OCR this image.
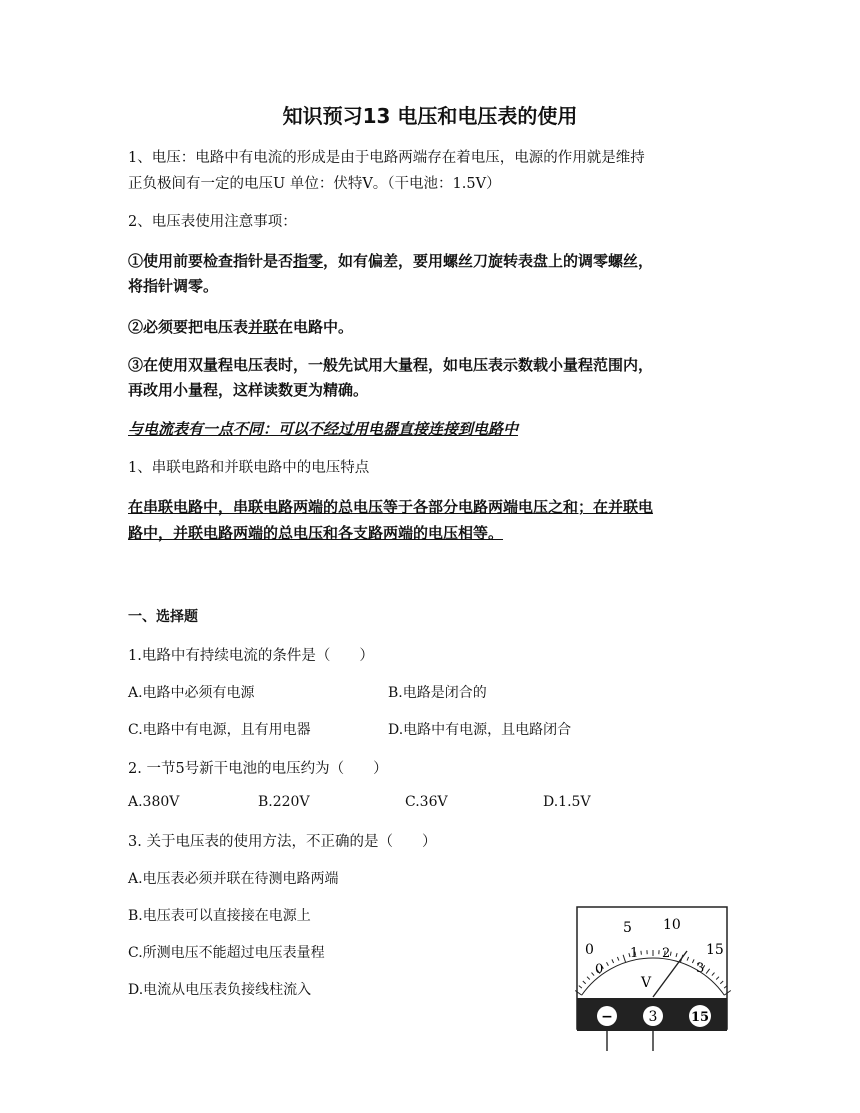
知识预习13 电压和电压表的使用
1、电压：电路中有电流的形成是由于电路两端存在着电压，电源的作用就是维持
正负极间有一定的电压U 单位：伏特V。（干电池：1.5V）
2、电压表使用注意事项：
①使用前要检查指针是否指零，如有偏差，要用螺丝刀旋转表盘上的调零螺丝，
将指针调零。
②必须要把电压表并联在电路中。
③在使用双量程电压表时，一般先试用大量程，如电压表示数载小量程范围内，
再改用小量程，这样读数更为精确。
与电流表有一点不同：可以不经过用电器直接连接到电路中
1、串联电路和并联电路中的电压特点
在串联电路中，串联电路两端的总电压等于各部分电路两端电压之和；在并联电
路中，并联电路两端的总电压和各支路两端的电压相等。
一、选择题
1.电路中有持续电流的条件是（　　）
A.电路中必须有电源	B.电路是闭合的
C.电路中有电源，且有用电器	D.电路中有电源，且电路闭合
2. 一节5号新干电池的电压约为（　　）
A.380V	B.220V	C.36V	D.1.5V
3. 关于电压表的使用方法，不正确的是（　　）
A.电压表必须并联在待测电路两端
B.电压表可以直接接在电源上
C.所测电压不能超过电压表量程
D.电流从电压表负接线柱流入
0
5 10
15
0
1 2
3
V
−	3	15
